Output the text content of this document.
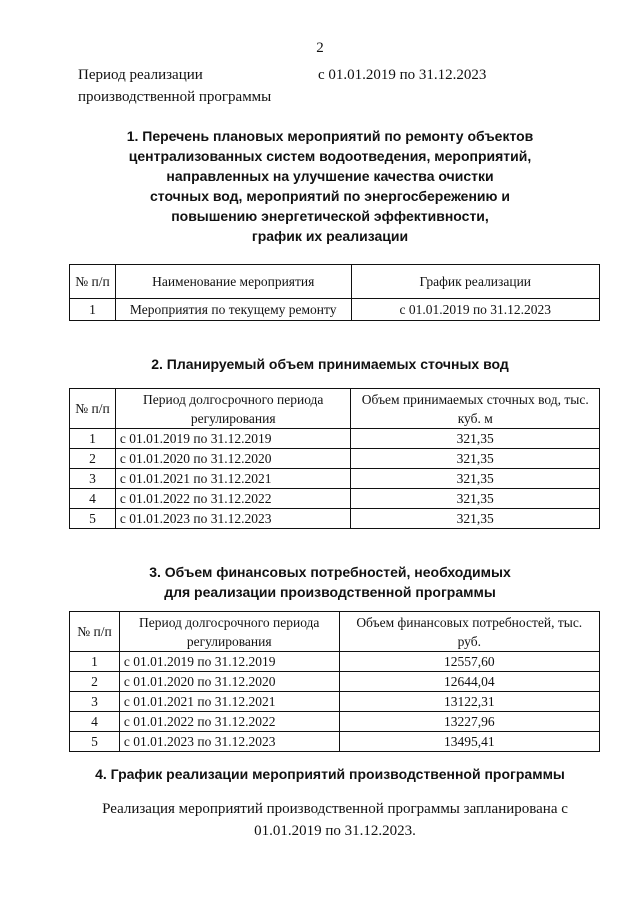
2
Период реализации
производственной программы
с 01.01.2019 по 31.12.2023
1. Перечень плановых мероприятий по ремонту объектов
централизованных систем водоотведения, мероприятий,
направленных на улучшение качества очистки
сточных вод, мероприятий по энергосбережению и
повышению энергетической эффективности,
график их реализации
№ п/п	Наименование мероприятия	График реализации
1	Мероприятия по текущему ремонту	с 01.01.2019 по 31.12.2023
2. Планируемый объем принимаемых сточных вод
№ п/п	Период долгосрочного периода регулирования	Объем принимаемых сточных вод, тыс. куб. м
1	с 01.01.2019 по 31.12.2019	321,35
2	с 01.01.2020 по 31.12.2020	321,35
3	с 01.01.2021 по 31.12.2021	321,35
4	с 01.01.2022 по 31.12.2022	321,35
5	с 01.01.2023 по 31.12.2023	321,35
3. Объем финансовых потребностей, необходимых
для реализации производственной программы
№ п/п	Период долгосрочного периода регулирования	Объем финансовых потребностей, тыс. руб.
1	с 01.01.2019 по 31.12.2019	12557,60
2	с 01.01.2020 по 31.12.2020	12644,04
3	с 01.01.2021 по 31.12.2021	13122,31
4	с 01.01.2022 по 31.12.2022	13227,96
5	с 01.01.2023 по 31.12.2023	13495,41
4. График реализации мероприятий производственной программы
Реализация мероприятий производственной программы запланирована с
01.01.2019 по 31.12.2023.
